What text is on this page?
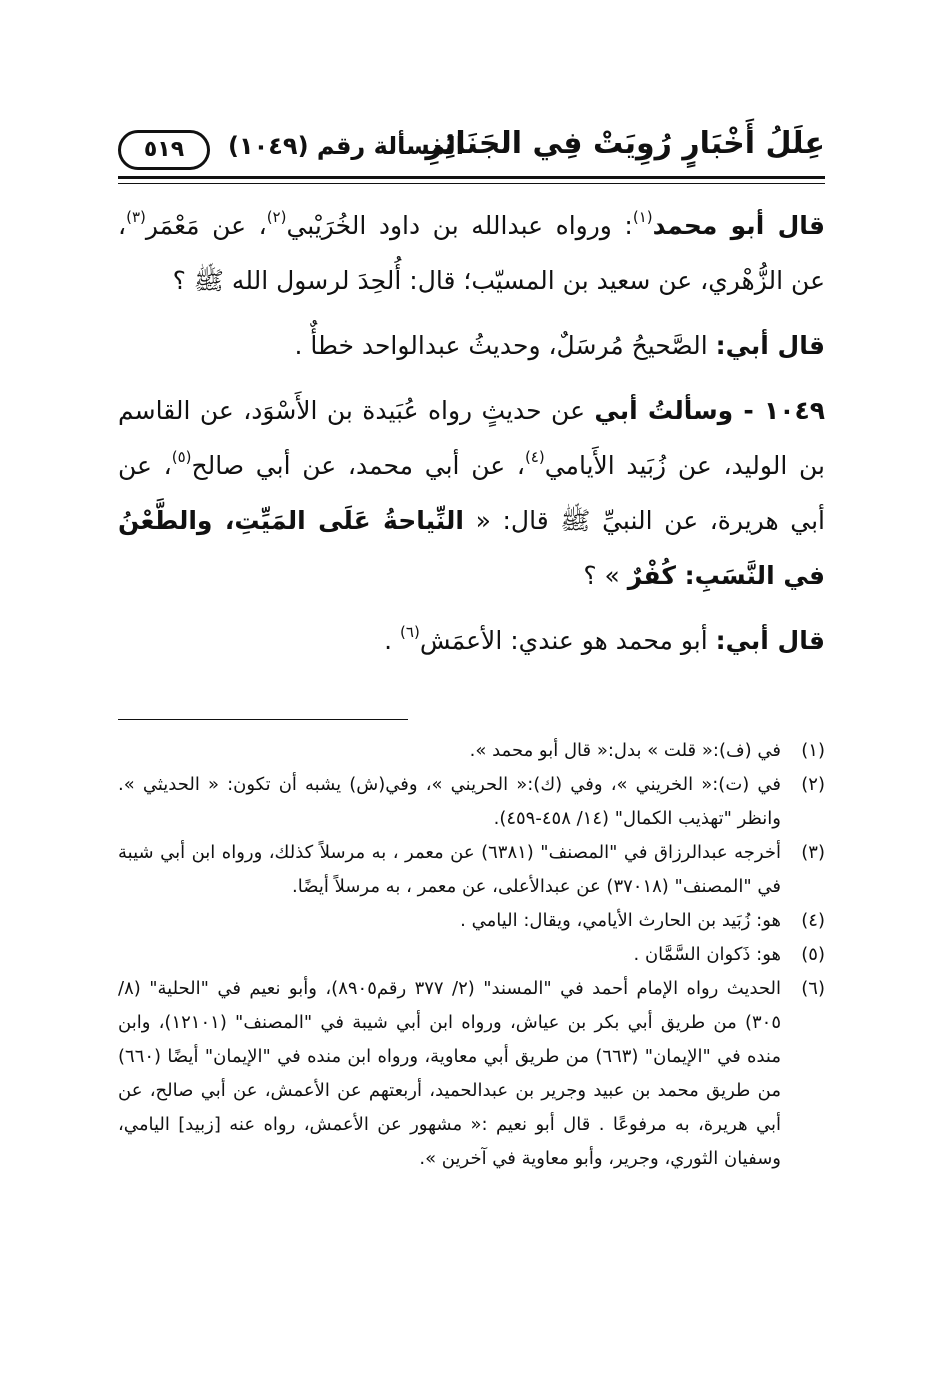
عِلَلُ أَخْبَارٍ رُوِيَتْ فِي الجَنَائِزِ
المسألة رقم (١٠٤٩)
٥١٩

قال أبو محمد$^{(١)}$: ورواه عبدالله بن داود الخُرَيْبي$^{(٢)}$، عن مَعْمَر$^{(٣)}$، عن الزُّهْري، عن سعيد بن المسيّب؛ قال: أُلحِدَ لرسول الله ﷺ ؟

قال أبي: الصَّحيحُ مُرسَلٌ، وحديثُ عبدالواحد خطأٌ .

١٠٤٩ - وسألتُ أبي عن حديثٍ رواه عُبَيدة بن الأَسْوَد، عن القاسم بن الوليد، عن زُبَيد الأَيامي$^{(٤)}$، عن أبي محمد، عن أبي صالح$^{(٥)}$، عن أبي هريرة، عن النبيِّ ﷺ قال: « النِّياحةُ عَلَى المَيِّتِ، والطَّعْنُ في النَّسَبِ: كُفْرٌ » ؟

قال أبي: أبو محمد هو عندي: الأعمَش$^{(٦)}$ .

(١)
في (ف):« قلت » بدل:« قال أبو محمد ».
(٢)
في (ت):« الخريني »، وفي (ك):« الحريني »، وفي(ش) يشبه أن تكون: « الحديثي ». وانظر "تهذيب الكمال" (١٤/ ٤٥٨-٤٥٩).
(٣)
أخرجه عبدالرزاق في "المصنف" (٦٣٨١) عن معمر ، به مرسلاً كذلك، ورواه ابن أبي شيبة في "المصنف" (٣٧٠١٨) عن عبدالأعلى، عن معمر ، به مرسلاً أيضًا.
(٤)
هو: زُبَيد بن الحارث الأيامي، ويقال: اليامي .
(٥)
هو: ذَكوان السَّمَّان .
(٦)
الحديث رواه الإمام أحمد في "المسند" (٢/ ٣٧٧ رقم٨٩٠٥)، وأبو نعيم في "الحلية" (٨/ ٣٠٥) من طريق أبي بكر بن عياش، ورواه ابن أبي شيبة في "المصنف" (١٢١٠١)، وابن منده في "الإيمان" (٦٦٣) من طريق أبي معاوية، ورواه ابن منده في "الإيمان" أيضًا (٦٦٠) من طريق محمد بن عبيد وجرير بن عبدالحميد، أربعتهم عن الأعمش، عن أبي صالح، عن أبي هريرة، به مرفوعًا . قال أبو نعيم :« مشهور عن الأعمش، رواه عنه [زبيد] اليامي، وسفيان الثوري، وجرير، وأبو معاوية في آخرين ».
